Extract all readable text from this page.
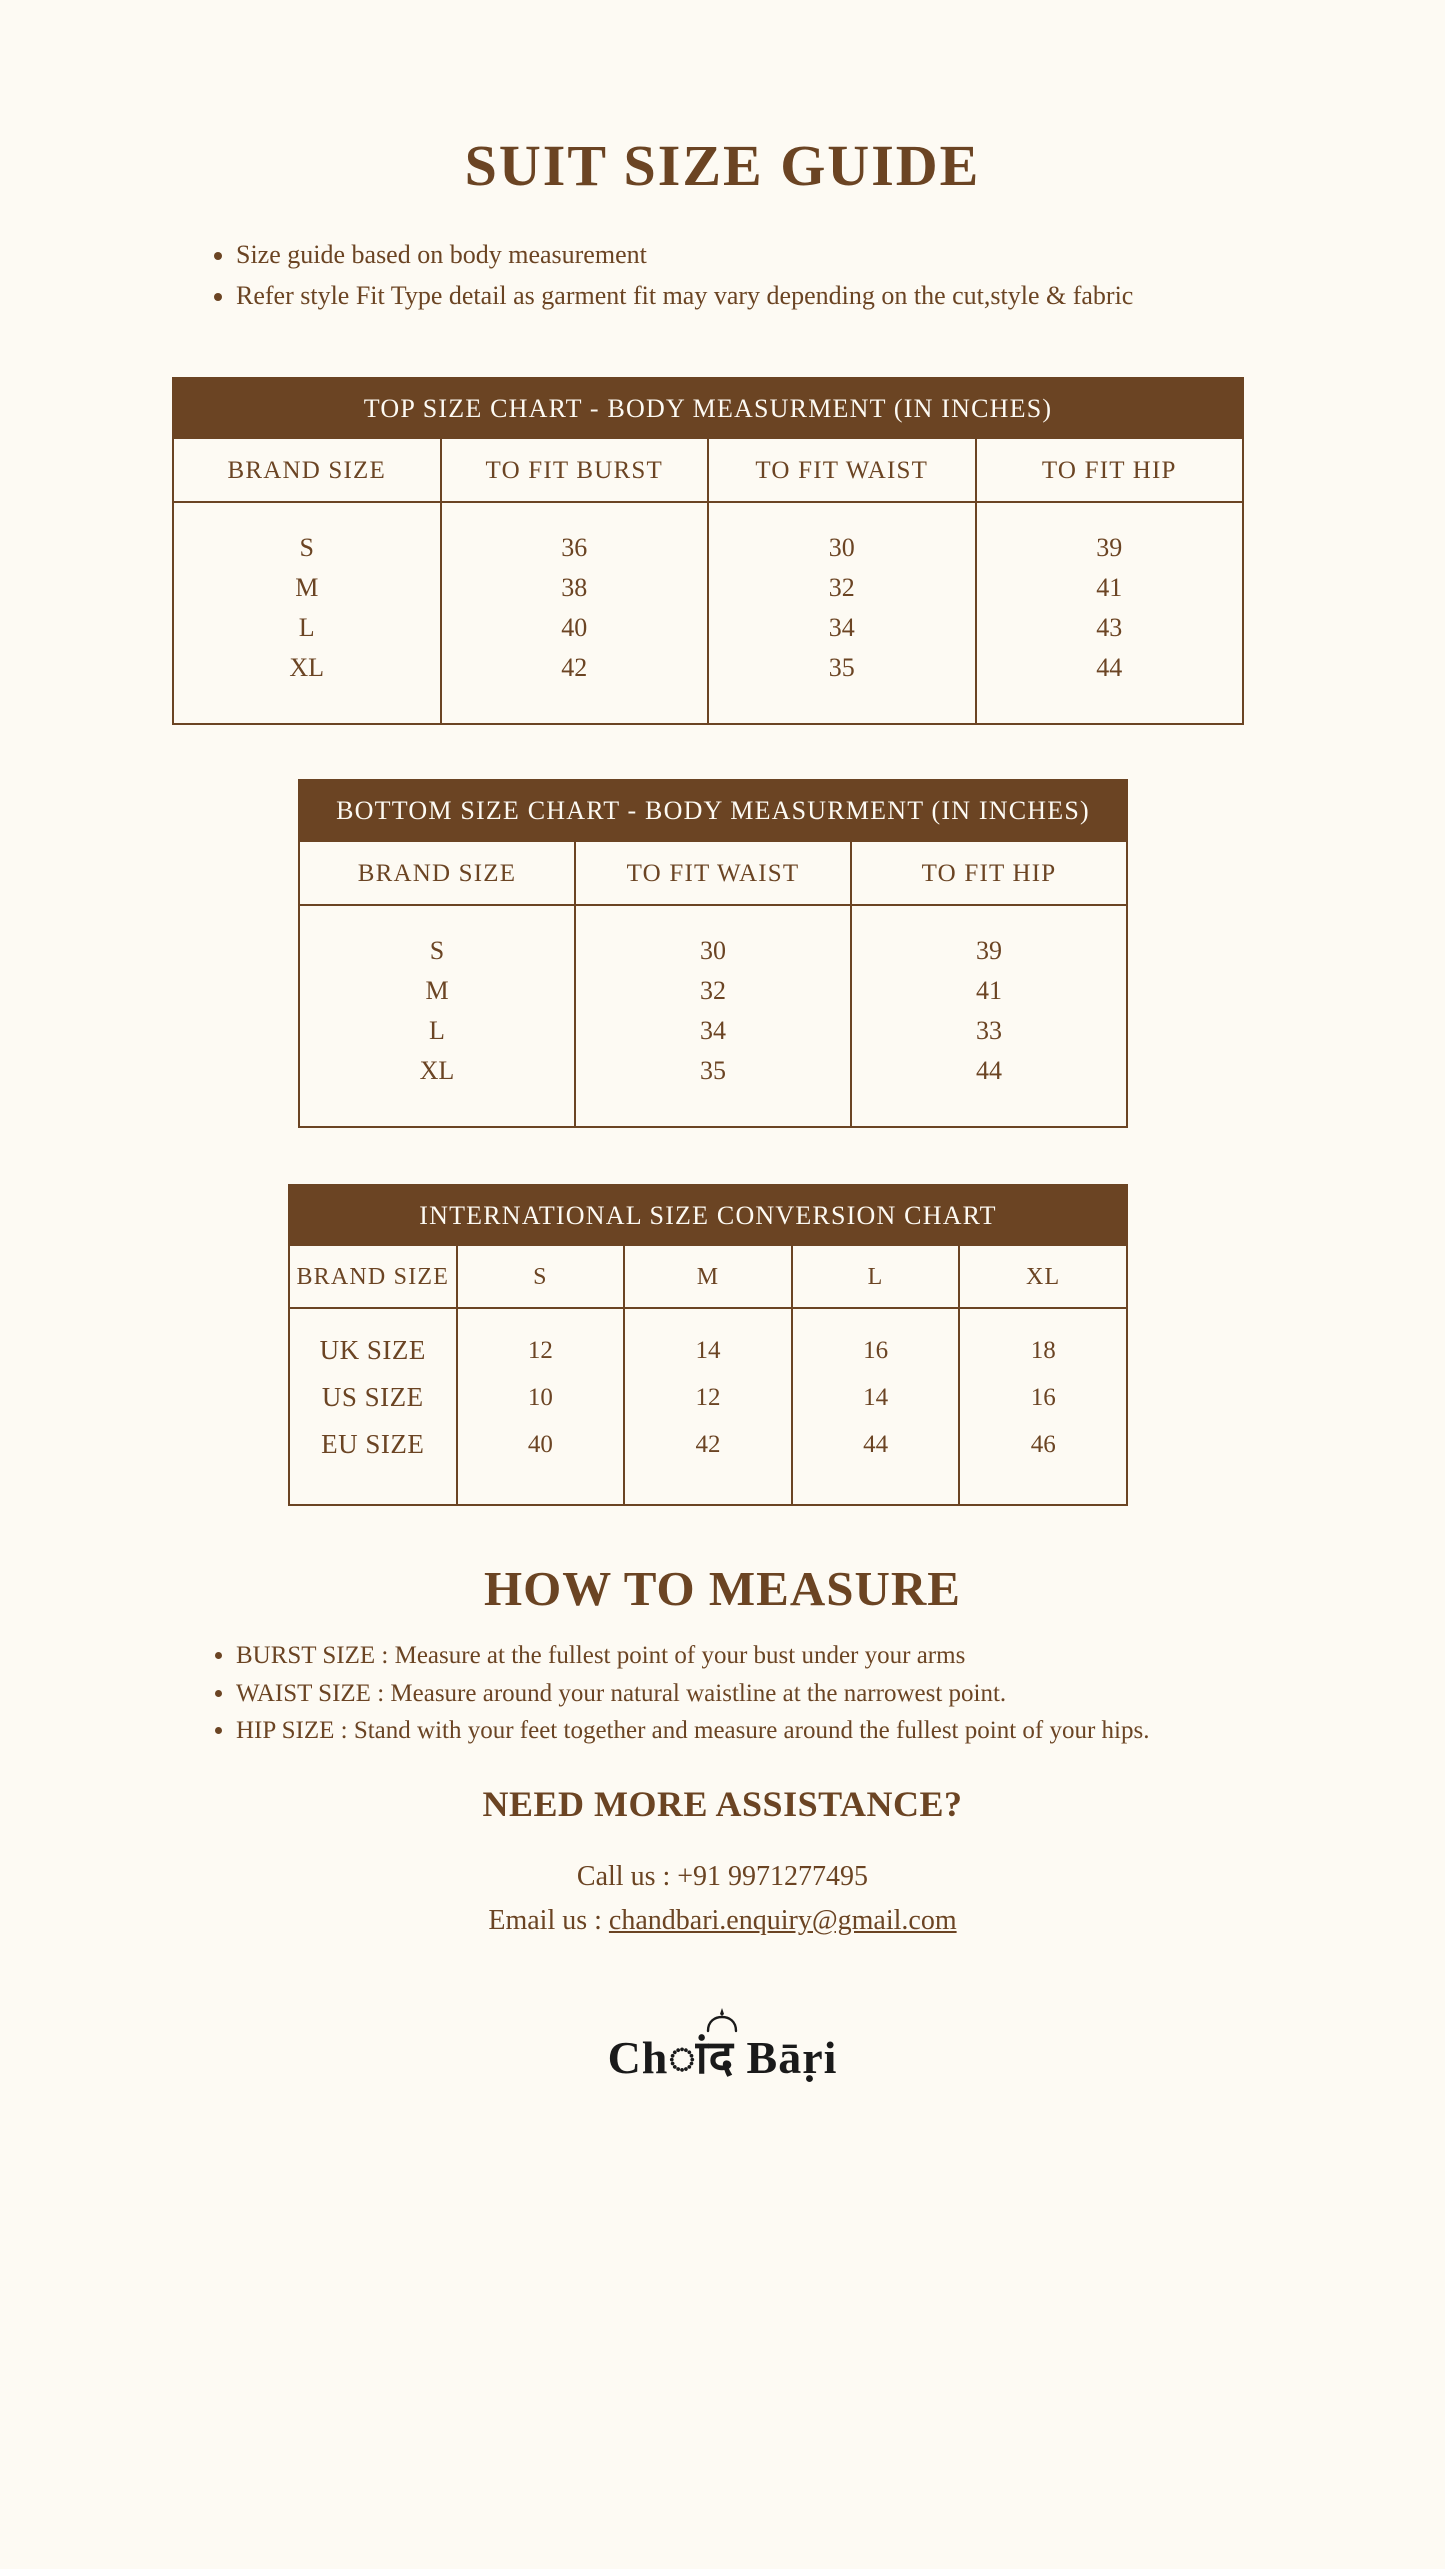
SUIT SIZE GUIDE
• Size guide based on body measurement
• Refer style Fit Type detail as garment fit may vary depending on the cut,style & fabric
TOP SIZE CHART - BODY MEASURMENT (IN INCHES)			
BRAND SIZE	TO FIT BURST	TO FIT WAIST	TO FIT HIP
S	36	30	39
M	38	32	41
L	40	34	43
XL	42	35	44
BOTTOM SIZE CHART - BODY MEASURMENT (IN INCHES)		
BRAND SIZE	TO FIT WAIST	TO FIT HIP
S	30	39
M	32	41
L	34	33
XL	35	44
INTERNATIONAL SIZE CONVERSION CHART				
BRAND SIZE	S	M	L	XL
UK SIZE	12	14	16	18
US SIZE	10	12	14	16
EU SIZE	40	42	44	46
HOW TO MEASURE
• BURST SIZE : Measure at the fullest point of your bust under your arms
• WAIST SIZE : Measure around your natural waistline at the narrowest point.
• HIP SIZE : Stand with your feet together and measure around the fullest point of your hips.
NEED MORE ASSISTANCE?
Call us : +91 9971277495
Email us : chandbari.enquiry@gmail.com
Chांद Bāṛi
